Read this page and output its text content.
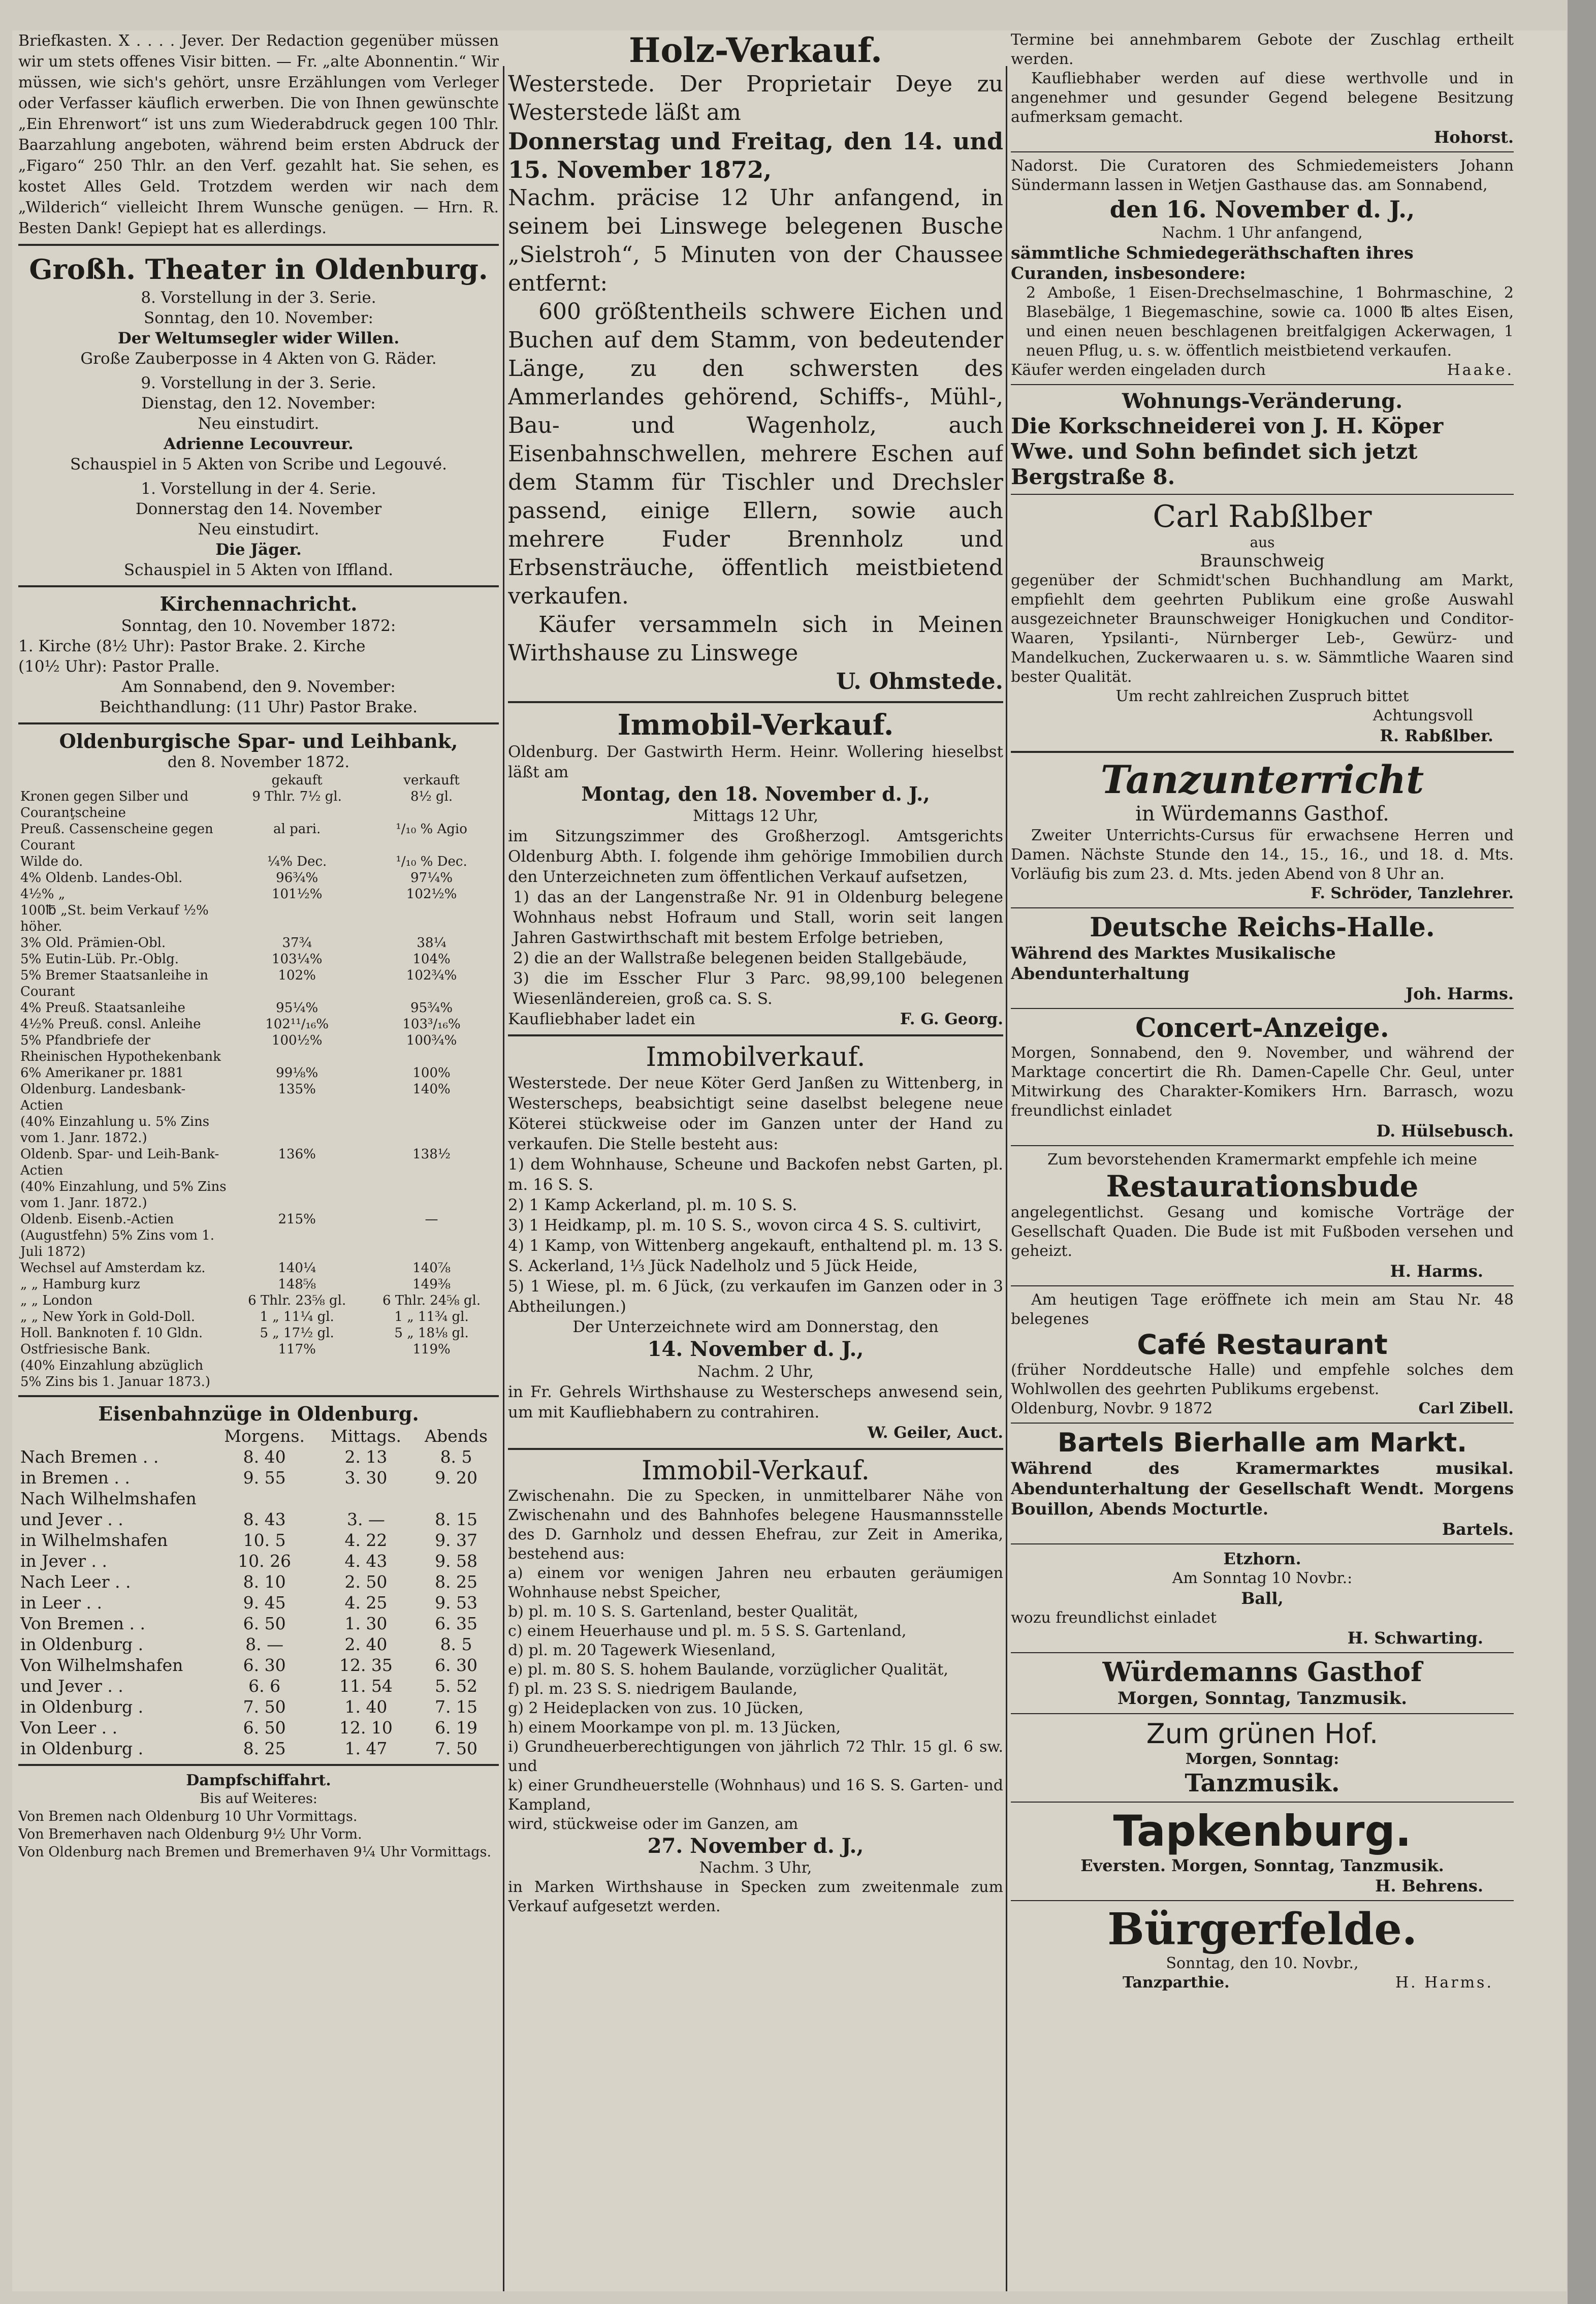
Briefkasten. X . . . . Jever. Der Redaction gegenüber müssen wir um stets offenes Visir bitten. — Fr. „alte Abonnentin.“ Wir müssen, wie sich's gehört, unsre Erzählungen vom Verleger oder Verfasser käuflich erwerben. Die von Ihnen gewünschte „Ein Ehrenwort“ ist uns zum Wiederabdruck gegen 100 Thlr. Baarzahlung angeboten, während beim ersten Abdruck der „Figaro“ 250 Thlr. an den Verf. gezahlt hat. Sie sehen, es kostet Alles Geld. Trotzdem werden wir nach dem „Wilderich“ vielleicht Ihrem Wunsche genügen. — Hrn. R. Besten Dank! Gepiept hat es allerdings.
Großh. Theater in Oldenburg.
8. Vorstellung in der 3. Serie.
Sonntag, den 10. November:
Der Weltumsegler wider Willen.
Große Zauberposse in 4 Akten von G. Räder.
9. Vorstellung in der 3. Serie.
Dienstag, den 12. November:
Neu einstudirt.
Adrienne Lecouvreur.
Schauspiel in 5 Akten von Scribe und Legouvé.
1. Vorstellung in der 4. Serie.
Donnerstag den 14. November
Neu einstudirt.
Die Jäger.
Schauspiel in 5 Akten von Iffland.
Kirchennachricht.
Sonntag, den 10. November 1872:
1. Kirche (8½ Uhr): Pastor Brake. 2. Kirche
(10½ Uhr): Pastor Pralle.
Am Sonnabend, den 9. November:
Beichthandlung: (11 Uhr) Pastor Brake.
Oldenburgische Spar- und Leihbank,
den 8. November 1872.
	gekauft	verkauft
Kronen gegen Silber und Couranţscheine	9 Thlr. 7½ gl.	8½ gl.
Preuß. Cassenscheine gegen Courant	al pari.	¹/₁₀ % Agio
Wilde do.	¼% Dec.	¹/₁₀ % Dec.
4% Oldenb. Landes-Obl.	96¾%	97¼%
4½% „	101½%	102½%
100℔ „St. beim Verkauf ½% höher.		
3% Old. Prämien-Obl.	37¾	38¼
5% Eutin-Lüb. Pr.-Oblg.	103¼%	104%
5% Bremer Staatsanleihe in Courant	102%	102¾%
4% Preuß. Staatsanleihe	95¼%	95¾%
4½% Preuß. consl. Anleihe	102¹¹/₁₆%	103³/₁₆%
5% Pfandbriefe der Rheinischen Hypothekenbank	100½%	100¾%
6% Amerikaner pr. 1881	99⅛%	100%
Oldenburg. Landesbank-Actien	135%	140%
(40% Einzahlung u. 5% Zins vom 1. Janr. 1872.)		
Oldenb. Spar- und Leih-Bank-Actien	136%	138½
(40% Einzahlung, und 5% Zins vom 1. Janr. 1872.)		
Oldenb. Eisenb.-Actien (Augustfehn) 5% Zins vom 1. Juli 1872)	215%	—
Wechsel auf Amsterdam kz.	140¼	140⅞
„ „ Hamburg kurz	148⅝	149⅜
„ „ London	6 Thlr. 23⅝ gl.	6 Thlr. 24⅝ gl.
„ „ New York in Gold-Doll.	1 „ 11¼ gl.	1 „ 11¾ gl.
Holl. Banknoten f. 10 Gldn.	5 „ 17½ gl.	5 „ 18⅛ gl.
Ostfriesische Bank.	117%	119%
(40% Einzahlung abzüglich 5% Zins bis 1. Januar 1873.)		
Eisenbahnzüge in Oldenburg.
	Morgens.	Mittags.	Abends
Nach Bremen . .	8. 40	2. 13	8. 5
in Bremen . .	9. 55	3. 30	9. 20
Nach Wilhelmshafen			
und Jever . .	8. 43	3. —	8. 15
in Wilhelmshafen	10. 5	4. 22	9. 37
in Jever . .	10. 26	4. 43	9. 58
Nach Leer . .	8. 10	2. 50	8. 25
in Leer . .	9. 45	4. 25	9. 53
Von Bremen . .	6. 50	1. 30	6. 35
in Oldenburg .	8. —	2. 40	8. 5
Von Wilhelmshafen	6. 30	12. 35	6. 30
und Jever . .	6. 6	11. 54	5. 52
in Oldenburg .	7. 50	1. 40	7. 15
Von Leer . .	6. 50	12. 10	6. 19
in Oldenburg .	8. 25	1. 47	7. 50
Dampfschiffahrt.
Bis auf Weiteres:
Von Bremen nach Oldenburg 10 Uhr Vormittags.
Von Bremerhaven nach Oldenburg 9½ Uhr Vorm.
Von Oldenburg nach Bremen und Bremerhaven 9¼ Uhr Vormittags.
Holz-Verkauf.
Westerstede. Der Proprietair Deye zu Westerstede läßt am
Donnerstag und Freitag, den 14. und 15. November 1872,
Nachm. präcise 12 Uhr anfangend, in seinem bei Linswege belegenen Busche „Sielstroh“, 5 Minuten von der Chaussee entfernt:
600 größtentheils schwere Eichen und Buchen auf dem Stamm, von bedeutender Länge, zu den schwersten des Ammerlandes gehörend, Schiffs-, Mühl-, Bau- und Wagenholz, auch Eisenbahnschwellen, mehrere Eschen auf dem Stamm für Tischler und Drechsler passend, einige Ellern, sowie auch mehrere Fuder Brennholz und Erbsensträuche, öffentlich meistbietend verkaufen.
Käufer versammeln sich in Meinen Wirthshause zu Linswege
U. Ohmstede.
Immobil-Verkauf.
Oldenburg. Der Gastwirth Herm. Heinr. Wollering hieselbst läßt am
Montag, den 18. November d. J.,
Mittags 12 Uhr,
im Sitzungszimmer des Großherzogl. Amtsgerichts Oldenburg Abth. I. folgende ihm gehörige Immobilien durch den Unterzeichneten zum öffentlichen Verkauf aufsetzen,
1) das an der Langenstraße Nr. 91 in Oldenburg belegene Wohnhaus nebst Hofraum und Stall, worin seit langen Jahren Gastwirthschaft mit bestem Erfolge betrieben,
2) die an der Wallstraße belegenen beiden Stallgebäude,
3) die im Esscher Flur 3 Parc. 98,99,100 belegenen Wiesenländereien, groß ca. S. S.
Kaufliebhaber ladet ein	F. G. Georg.
Immobilverkauf.
Westerstede. Der neue Köter Gerd Janßen zu Wittenberg, in Westerscheps, beabsichtigt seine daselbst belegene neue Köterei stückweise oder im Ganzen unter der Hand zu verkaufen. Die Stelle besteht aus:
1) dem Wohnhause, Scheune und Backofen nebst Garten, pl. m. 16 S. S.
2) 1 Kamp Ackerland, pl. m. 10 S. S.
3) 1 Heidkamp, pl. m. 10 S. S., wovon circa 4 S. S. cultivirt,
4) 1 Kamp, von Wittenberg angekauft, enthaltend pl. m. 13 S. S. Ackerland, 1⅓ Jück Nadelholz und 5 Jück Heide,
5) 1 Wiese, pl. m. 6 Jück, (zu verkaufen im Ganzen oder in 3 Abtheilungen.)
Der Unterzeichnete wird am Donnerstag, den
14. November d. J.,
Nachm. 2 Uhr,
in Fr. Gehrels Wirthshause zu Westerscheps anwesend sein, um mit Kaufliebhabern zu contrahiren.
W. Geiler, Auct.
Immobil-Verkauf.
Zwischenahn. Die zu Specken, in unmittelbarer Nähe von Zwischenahn und des Bahnhofes belegene Hausmannsstelle des D. Garnholz und dessen Ehefrau, zur Zeit in Amerika, bestehend aus:
a) einem vor wenigen Jahren neu erbauten geräumigen Wohnhause nebst Speicher,
b) pl. m. 10 S. S. Gartenland, bester Qualität,
c) einem Heuerhause und pl. m. 5 S. S. Gartenland,
d) pl. m. 20 Tagewerk Wiesenland,
e) pl. m. 80 S. S. hohem Baulande, vorzüglicher Qualität,
f) pl. m. 23 S. S. niedrigem Baulande,
g) 2 Heideplacken von zus. 10 Jücken,
h) einem Moorkampe von pl. m. 13 Jücken,
i) Grundheuerberechtigungen von jährlich 72 Thlr. 15 gl. 6 sw. und
k) einer Grundheuerstelle (Wohnhaus) und 16 S. S. Garten- und Kampland,
wird, stückweise oder im Ganzen, am
27. November d. J.,
Nachm. 3 Uhr,
in Marken Wirthshause in Specken zum zweitenmale zum Verkauf aufgesetzt werden.
Termine bei annehmbarem Gebote der Zuschlag ertheilt werden.
Kaufliebhaber werden auf diese werthvolle und in angenehmer und gesunder Gegend belegene Besitzung aufmerksam gemacht.
Hohorst.
Nadorst. Die Curatoren des Schmiedemeisters Johann Sündermann lassen in Wetjen Gasthause das. am Sonnabend,
den 16. November d. J.,
Nachm. 1 Uhr anfangend,
sämmtliche Schmiedegeräthschaften ihres Curanden, insbesondere:
2 Amboße, 1 Eisen-Drechselmaschine, 1 Bohrmaschine, 2 Blasebälge, 1 Biegemaschine, sowie ca. 1000 ℔ altes Eisen, und einen neuen beschlagenen breitfalgigen Ackerwagen, 1 neuen Pflug, u. s. w. öffentlich meistbietend verkaufen.
Käufer werden eingeladen durch	Haake.
Wohnungs-Veränderung.
Die Korkschneiderei von J. H. Köper Wwe. und Sohn befindet sich jetzt Bergstraße 8.
Carl Rabßlber
aus
Braunschweig
gegenüber der Schmidt'schen Buchhandlung am Markt, empfiehlt dem geehrten Publikum eine große Auswahl ausgezeichneter Braunschweiger Honigkuchen und Conditor-Waaren, Ypsilanti-, Nürnberger Leb-, Gewürz- und Mandelkuchen, Zuckerwaaren u. s. w. Sämmtliche Waaren sind bester Qualität.
Um recht zahlreichen Zuspruch bittet
Achtungsvoll
R. Rabßlber.
Tanzunterricht
in Würdemanns Gasthof.
Zweiter Unterrichts-Cursus für erwachsene Herren und Damen. Nächste Stunde den 14., 15., 16., und 18. d. Mts. Vorläufig bis zum 23. d. Mts. jeden Abend von 8 Uhr an.
F. Schröder, Tanzlehrer.
Deutsche Reichs-Halle.
Während des Marktes Musikalische Abendunterhaltung
Joh. Harms.
Concert-Anzeige.
Morgen, Sonnabend, den 9. November, und während der Marktage concertirt die Rh. Damen-Capelle Chr. Geul, unter Mitwirkung des Charakter-Komikers Hrn. Barrasch, wozu freundlichst einladet
D. Hülsebusch.
Zum bevorstehenden Kramermarkt empfehle ich meine
Restaurationsbude
angelegentlichst. Gesang und komische Vorträge der Gesellschaft Quaden. Die Bude ist mit Fußboden versehen und geheizt.
H. Harms.
Am heutigen Tage eröffnete ich mein am Stau Nr. 48 belegenes
Café Restaurant
(früher Norddeutsche Halle) und empfehle solches dem Wohlwollen des geehrten Publikums ergebenst.
Oldenburg, Novbr. 9 1872	Carl Zibell.
Bartels Bierhalle am Markt.
Während des Kramermarktes musikal. Abendunterhaltung der Gesellschaft Wendt. Morgens Bouillon, Abends Mocturtle.
Bartels.
Etzhorn.
Am Sonntag 10 Novbr.:
Ball,
wozu freundlichst einladet
H. Schwarting.
Würdemanns Gasthof
Morgen, Sonntag, Tanzmusik.
Zum grünen Hof.
Morgen, Sonntag:
Tanzmusik.
Tapkenburg.
Eversten. Morgen, Sonntag, Tanzmusik.
H. Behrens.
Bürgerfelde.
Sonntag, den 10. Novbr.,
Tanzparthie.	H. Harms.
